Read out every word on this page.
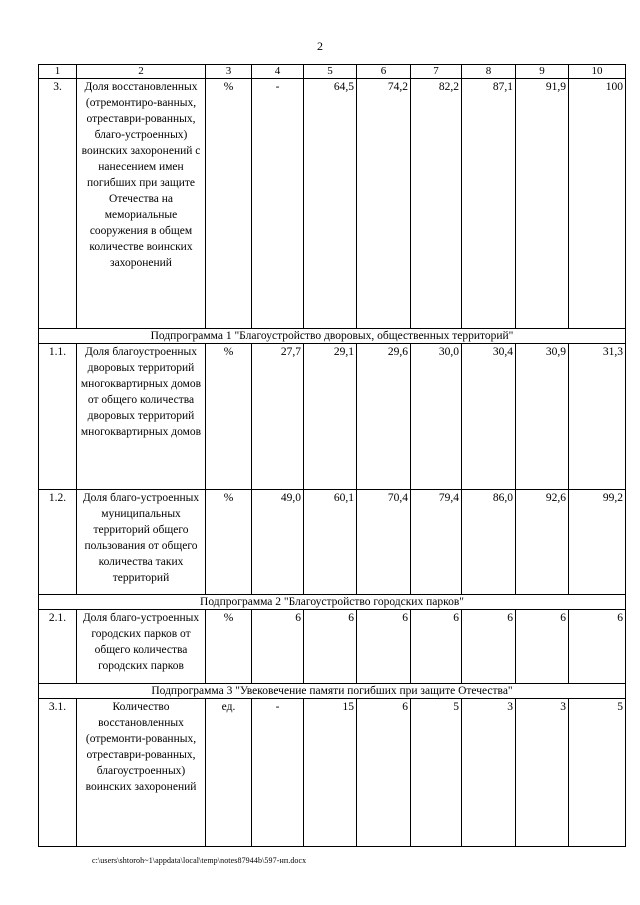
2
1	2	3	4	5	6	7	8	9	10
3.	Доля восстановленных (отремонтиро-ванных, отреставри-рованных, благо-устроенных) воинских захоронений с нанесением имен погибших при защите Отечества на мемориальные сооружения в общем количестве воинских захоронений	%	-	64,5	74,2	82,2	87,1	91,9	100
Подпрограмма 1 "Благоустройство дворовых, общественных территорий"									
1.1.	Доля благоустроенных дворовых территорий многоквартирных домов от общего количества дворовых территорий многоквартирных домов	%	27,7	29,1	29,6	30,0	30,4	30,9	31,3
1.2.	Доля благо-устроенных муниципальных территорий общего пользования от общего количества таких территорий	%	49,0	60,1	70,4	79,4	86,0	92,6	99,2
Подпрограмма 2 "Благоустройство городских парков"									
2.1.	Доля благо-устроенных городских парков от общего количества городских парков	%	6	6	6	6	6	6	6
Подпрограмма 3 "Увековечение памяти погибших при защите Отечества"									
3.1.	Количество восстановленных (отремонти-рованных, отреставри-рованных, благоустроенных) воинских захоронений	ед.	-	15	6	5	3	3	5
c:\users\shtoroh~1\appdata\local\temp\notes87944b\597-нп.docx
